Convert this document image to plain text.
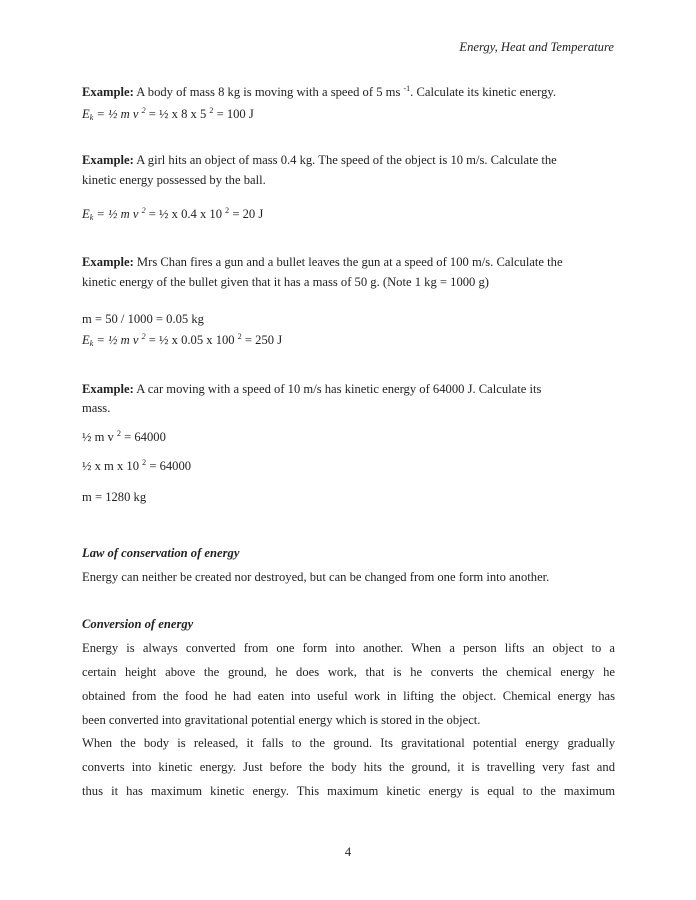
Energy, Heat and Temperature
Example: A body of mass 8 kg is moving with a speed of 5 ms $^{-1}$. Calculate its kinetic energy.
$E_k$ = ½ m v $^2$ = ½ x 8 x 5 $^2$ = 100 J
Example: A girl hits an object of mass 0.4 kg. The speed of the object is 10 m/s. Calculate the
kinetic energy possessed by the ball.
$E_k$ = ½ m v $^2$ = ½ x 0.4 x 10 $^2$ = 20 J
Example: Mrs Chan fires a gun and a bullet leaves the gun at a speed of 100 m/s. Calculate the
kinetic energy of the bullet given that it has a mass of 50 g. (Note 1 kg = 1000 g)
m = 50 / 1000 = 0.05 kg
$E_k$ = ½ m v $^2$ = ½ x 0.05 x 100 $^2$ = 250 J
Example: A car moving with a speed of 10 m/s has kinetic energy of 64000 J. Calculate its
mass.
½ m v $^2$ = 64000
½ x m x 10 $^2$ = 64000
m = 1280 kg
Law of conservation of energy
Energy can neither be created nor destroyed, but can be changed from one form into another.
Conversion of energy
Energy is always converted from one form into another. When a person lifts an object to a
certain height above the ground, he does work, that is he converts the chemical energy he
obtained from the food he had eaten into useful work in lifting the object. Chemical energy has
been converted into gravitational potential energy which is stored in the object.
When the body is released, it falls to the ground. Its gravitational potential energy gradually
converts into kinetic energy. Just before the body hits the ground, it is travelling very fast and
thus it has maximum kinetic energy. This maximum kinetic energy is equal to the maximum
4
